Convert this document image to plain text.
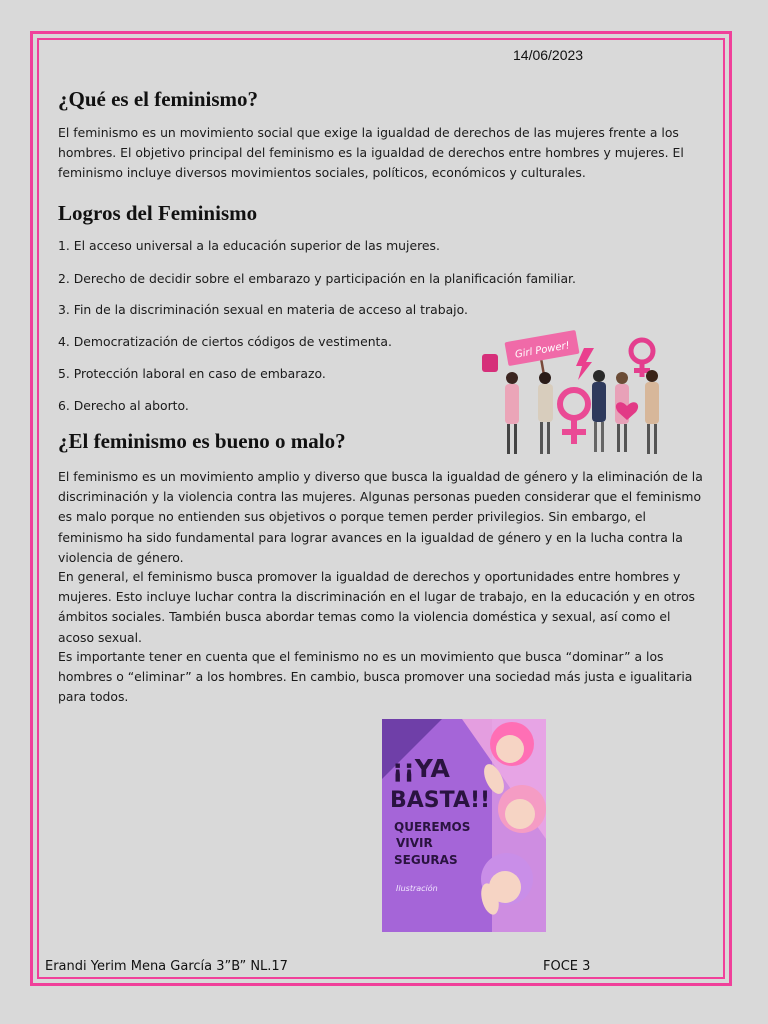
14/06/2023
¿Qué es el feminismo?

El feminismo es un movimiento social que exige la igualdad de derechos de las mujeres frente a los hombres. El objetivo principal del feminismo es la igualdad de derechos entre hombres y mujeres. El feminismo incluye diversos movimientos sociales, políticos, económicos y culturales.

Logros del Feminismo
1. El acceso universal a la educación superior de las mujeres.
2. Derecho de decidir sobre el embarazo y participación en la planificación familiar.
3. Fin de la discriminación sexual en materia de acceso al trabajo.
4. Democratización de ciertos códigos de vestimenta.
5. Protección laboral en caso de embarazo.
6. Derecho al aborto.
Girl Power!
¿El feminismo es bueno o malo?

El feminismo es un movimiento amplio y diverso que busca la igualdad de género y la eliminación de la discriminación y la violencia contra las mujeres. Algunas personas pueden considerar que el feminismo es malo porque no entienden sus objetivos o porque temen perder privilegios. Sin embargo, el feminismo ha sido fundamental para lograr avances en la igualdad de género y en la lucha contra la violencia de género.

En general, el feminismo busca promover la igualdad de derechos y oportunidades entre hombres y mujeres. Esto incluye luchar contra la discriminación en el lugar de trabajo, en la educación y en otros ámbitos sociales. También busca abordar temas como la violencia doméstica y sexual, así como el acoso sexual.

Es importante tener en cuenta que el feminismo no es un movimiento que busca “dominar” a los hombres o “eliminar” a los hombres. En cambio, busca promover una sociedad más justa e igualitaria para todos.

¡¡YA
BASTA!!
QUEREMOS
VIVIR
SEGURAS
Ilustración
Erandi Yerim Mena García 3”B” NL.17	FOCE 3
